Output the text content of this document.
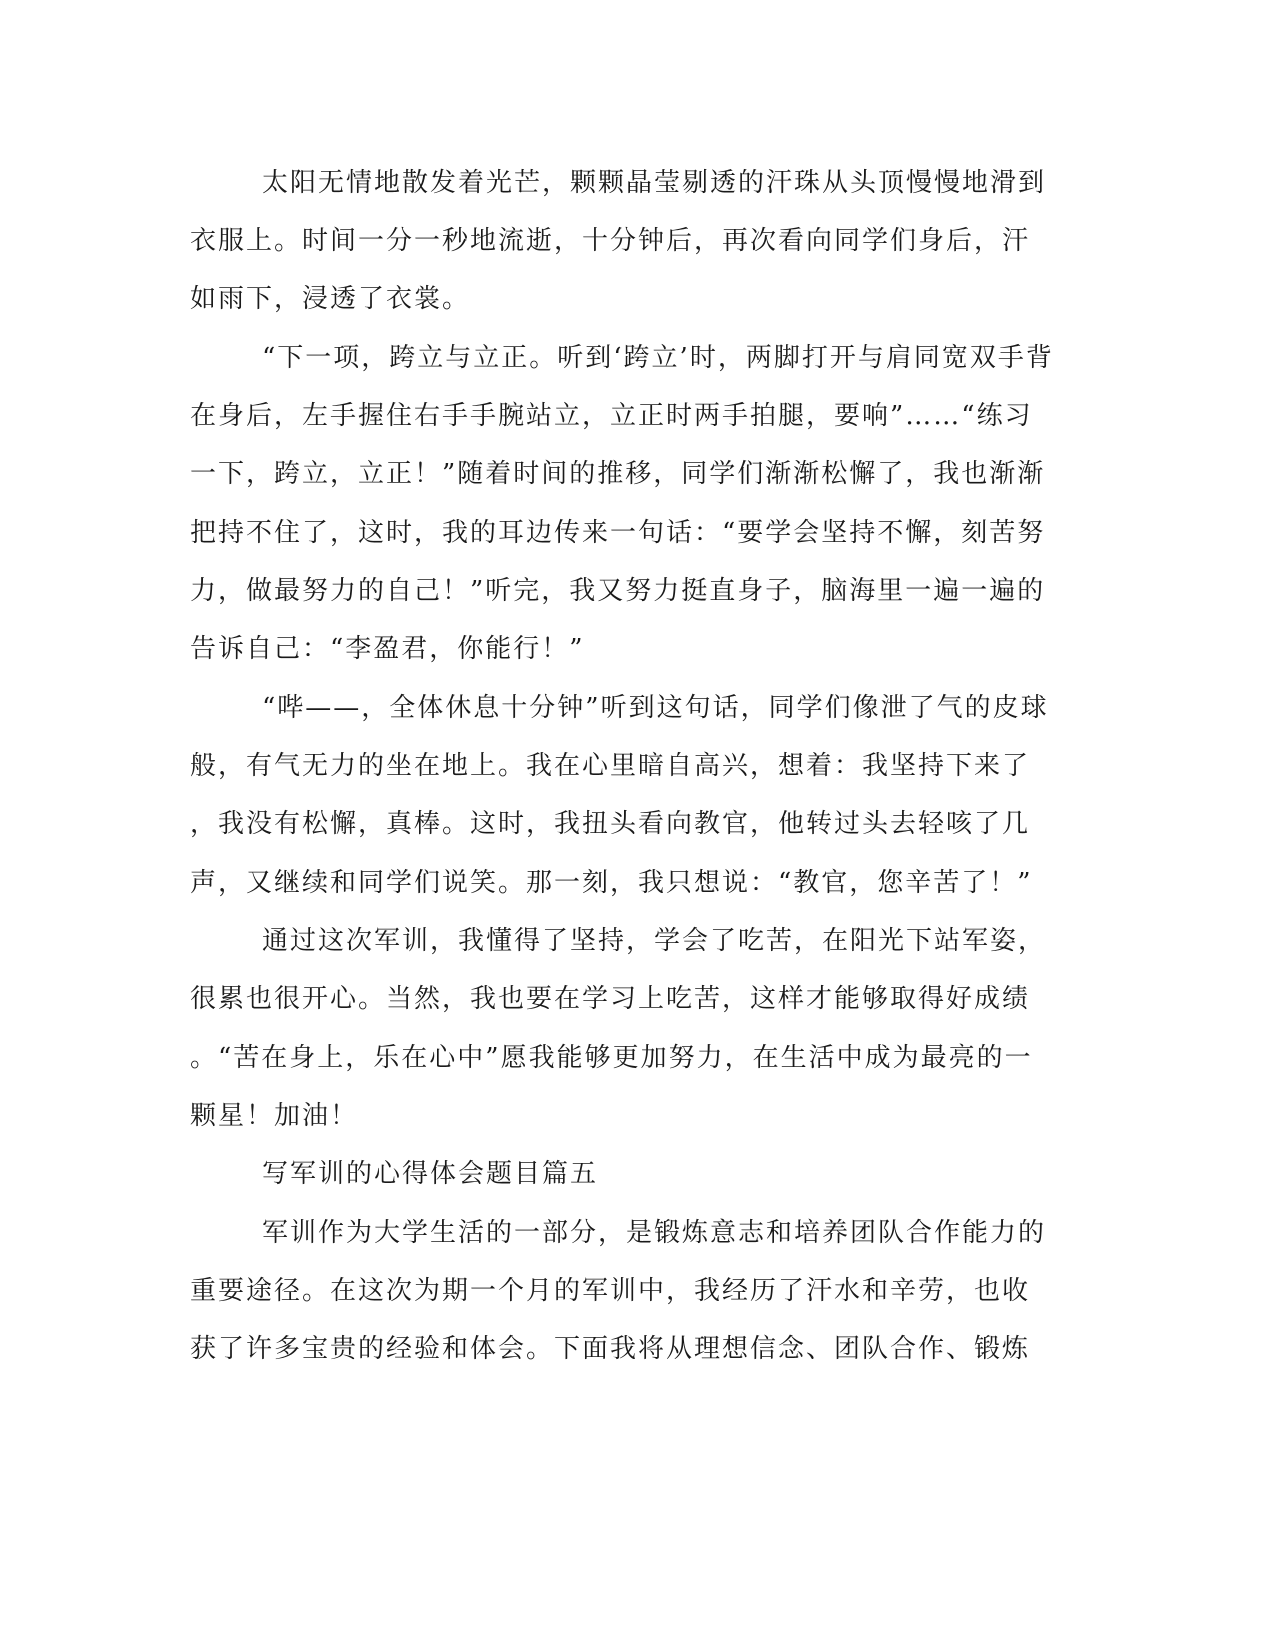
太阳无情地散发着光芒，颗颗晶莹剔透的汗珠从头顶慢慢地滑到
衣服上。时间一分一秒地流逝，十分钟后，再次看向同学们身后，汗
如雨下，浸透了衣裳。
“下一项，跨立与立正。听到‘跨立’时，两脚打开与肩同宽双手背
在身后，左手握住右手手腕站立，立正时两手拍腿，要响”……“练习
一下，跨立，立正！”随着时间的推移，同学们渐渐松懈了，我也渐渐
把持不住了，这时，我的耳边传来一句话：“要学会坚持不懈，刻苦努
力，做最努力的自己！”听完，我又努力挺直身子，脑海里一遍一遍的
告诉自己：“李盈君，你能行！”
“哔——，全体休息十分钟”听到这句话，同学们像泄了气的皮球
般，有气无力的坐在地上。我在心里暗自高兴，想着：我坚持下来了
，我没有松懈，真棒。这时，我扭头看向教官，他转过头去轻咳了几
声，又继续和同学们说笑。那一刻，我只想说：“教官，您辛苦了！”
通过这次军训，我懂得了坚持，学会了吃苦，在阳光下站军姿，
很累也很开心。当然，我也要在学习上吃苦，这样才能够取得好成绩
。“苦在身上，乐在心中”愿我能够更加努力，在生活中成为最亮的一
颗星！加油！
写军训的心得体会题目篇五
军训作为大学生活的一部分，是锻炼意志和培养团队合作能力的
重要途径。在这次为期一个月的军训中，我经历了汗水和辛劳，也收
获了许多宝贵的经验和体会。下面我将从理想信念、团队合作、锻炼
